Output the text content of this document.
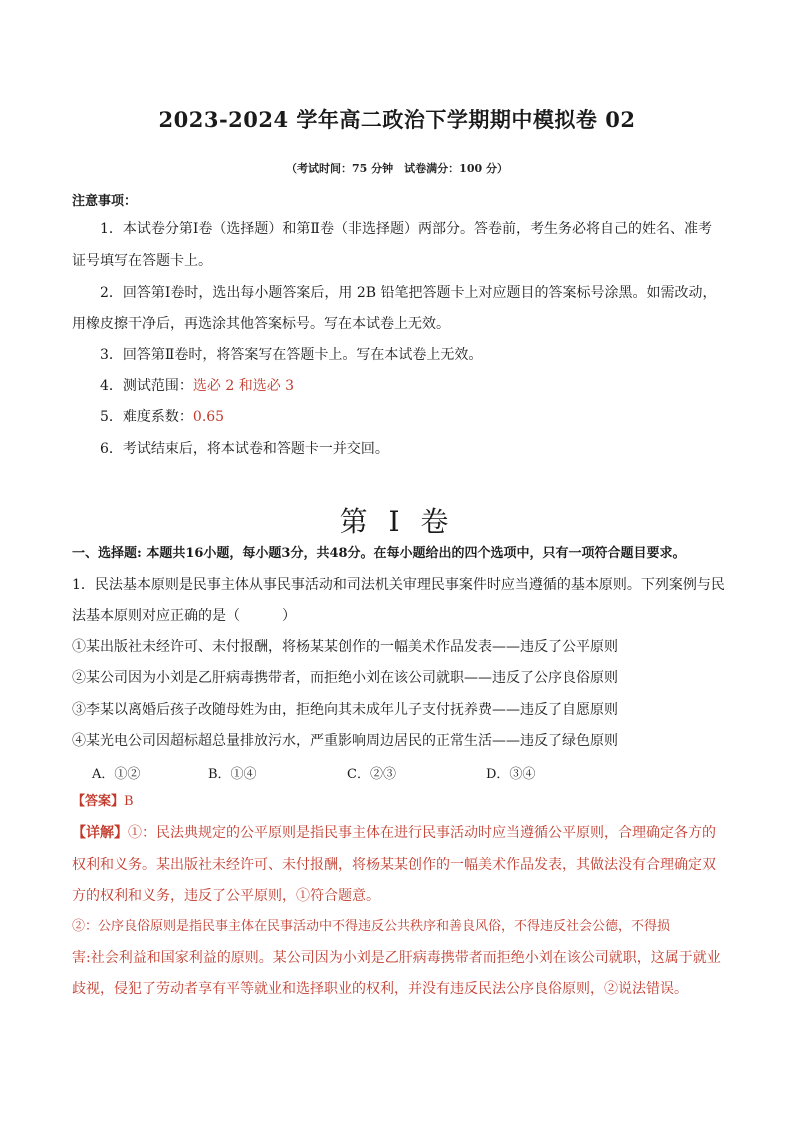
2023-2024 学年高二政治下学期期中模拟卷 02
（考试时间：75 分钟　试卷满分：100 分）
注意事项：
1．本试卷分第Ⅰ卷（选择题）和第Ⅱ卷（非选择题）两部分。答卷前，考生务必将自己的姓名、准考
证号填写在答题卡上。
2．回答第Ⅰ卷时，选出每小题答案后，用 2B 铅笔把答题卡上对应题目的答案标号涂黑。如需改动，
用橡皮擦干净后，再选涂其他答案标号。写在本试卷上无效。
3．回答第Ⅱ卷时，将答案写在答题卡上。写在本试卷上无效。
4．测试范围：选必 2 和选必 3
5．难度系数：0.65
6．考试结束后，将本试卷和答题卡一并交回。
第 I 卷
一、选择题: 本题共16小题，每小题3分，共48分。在每小题给出的四个选项中，只有一项符合题目要求。
1．民法基本原则是民事主体从事民事活动和司法机关审理民事案件时应当遵循的基本原则。下列案例与民
法基本原则对应正确的是（　　　）
①某出版社未经许可、未付报酬，将杨某某创作的一幅美术作品发表——违反了公平原则
②某公司因为小刘是乙肝病毒携带者，而拒绝小刘在该公司就职——违反了公序良俗原则
③李某以离婚后孩子改随母姓为由，拒绝向其未成年儿子支付抚养费——违反了自愿原则
④某光电公司因超标超总量排放污水，严重影响周边居民的正常生活——违反了绿色原则
A．①②	B．①④	C．②③	D．③④
【答案】B
【详解】①：民法典规定的公平原则是指民事主体在进行民事活动时应当遵循公平原则，合理确定各方的
权利和义务。某出版社未经许可、未付报酬，将杨某某创作的一幅美术作品发表，其做法没有合理确定双
方的权利和义务，违反了公平原则，①符合题意。
②：公序良俗原则是指民事主体在民事活动中不得违反公共秩序和善良风俗，不得违反社会公德，不得损
害:社会利益和国家利益的原则。某公司因为小刘是乙肝病毒携带者而拒绝小刘在该公司就职，这属于就业
歧视，侵犯了劳动者享有平等就业和选择职业的权利，并没有违反民法公序良俗原则，②说法错误。
